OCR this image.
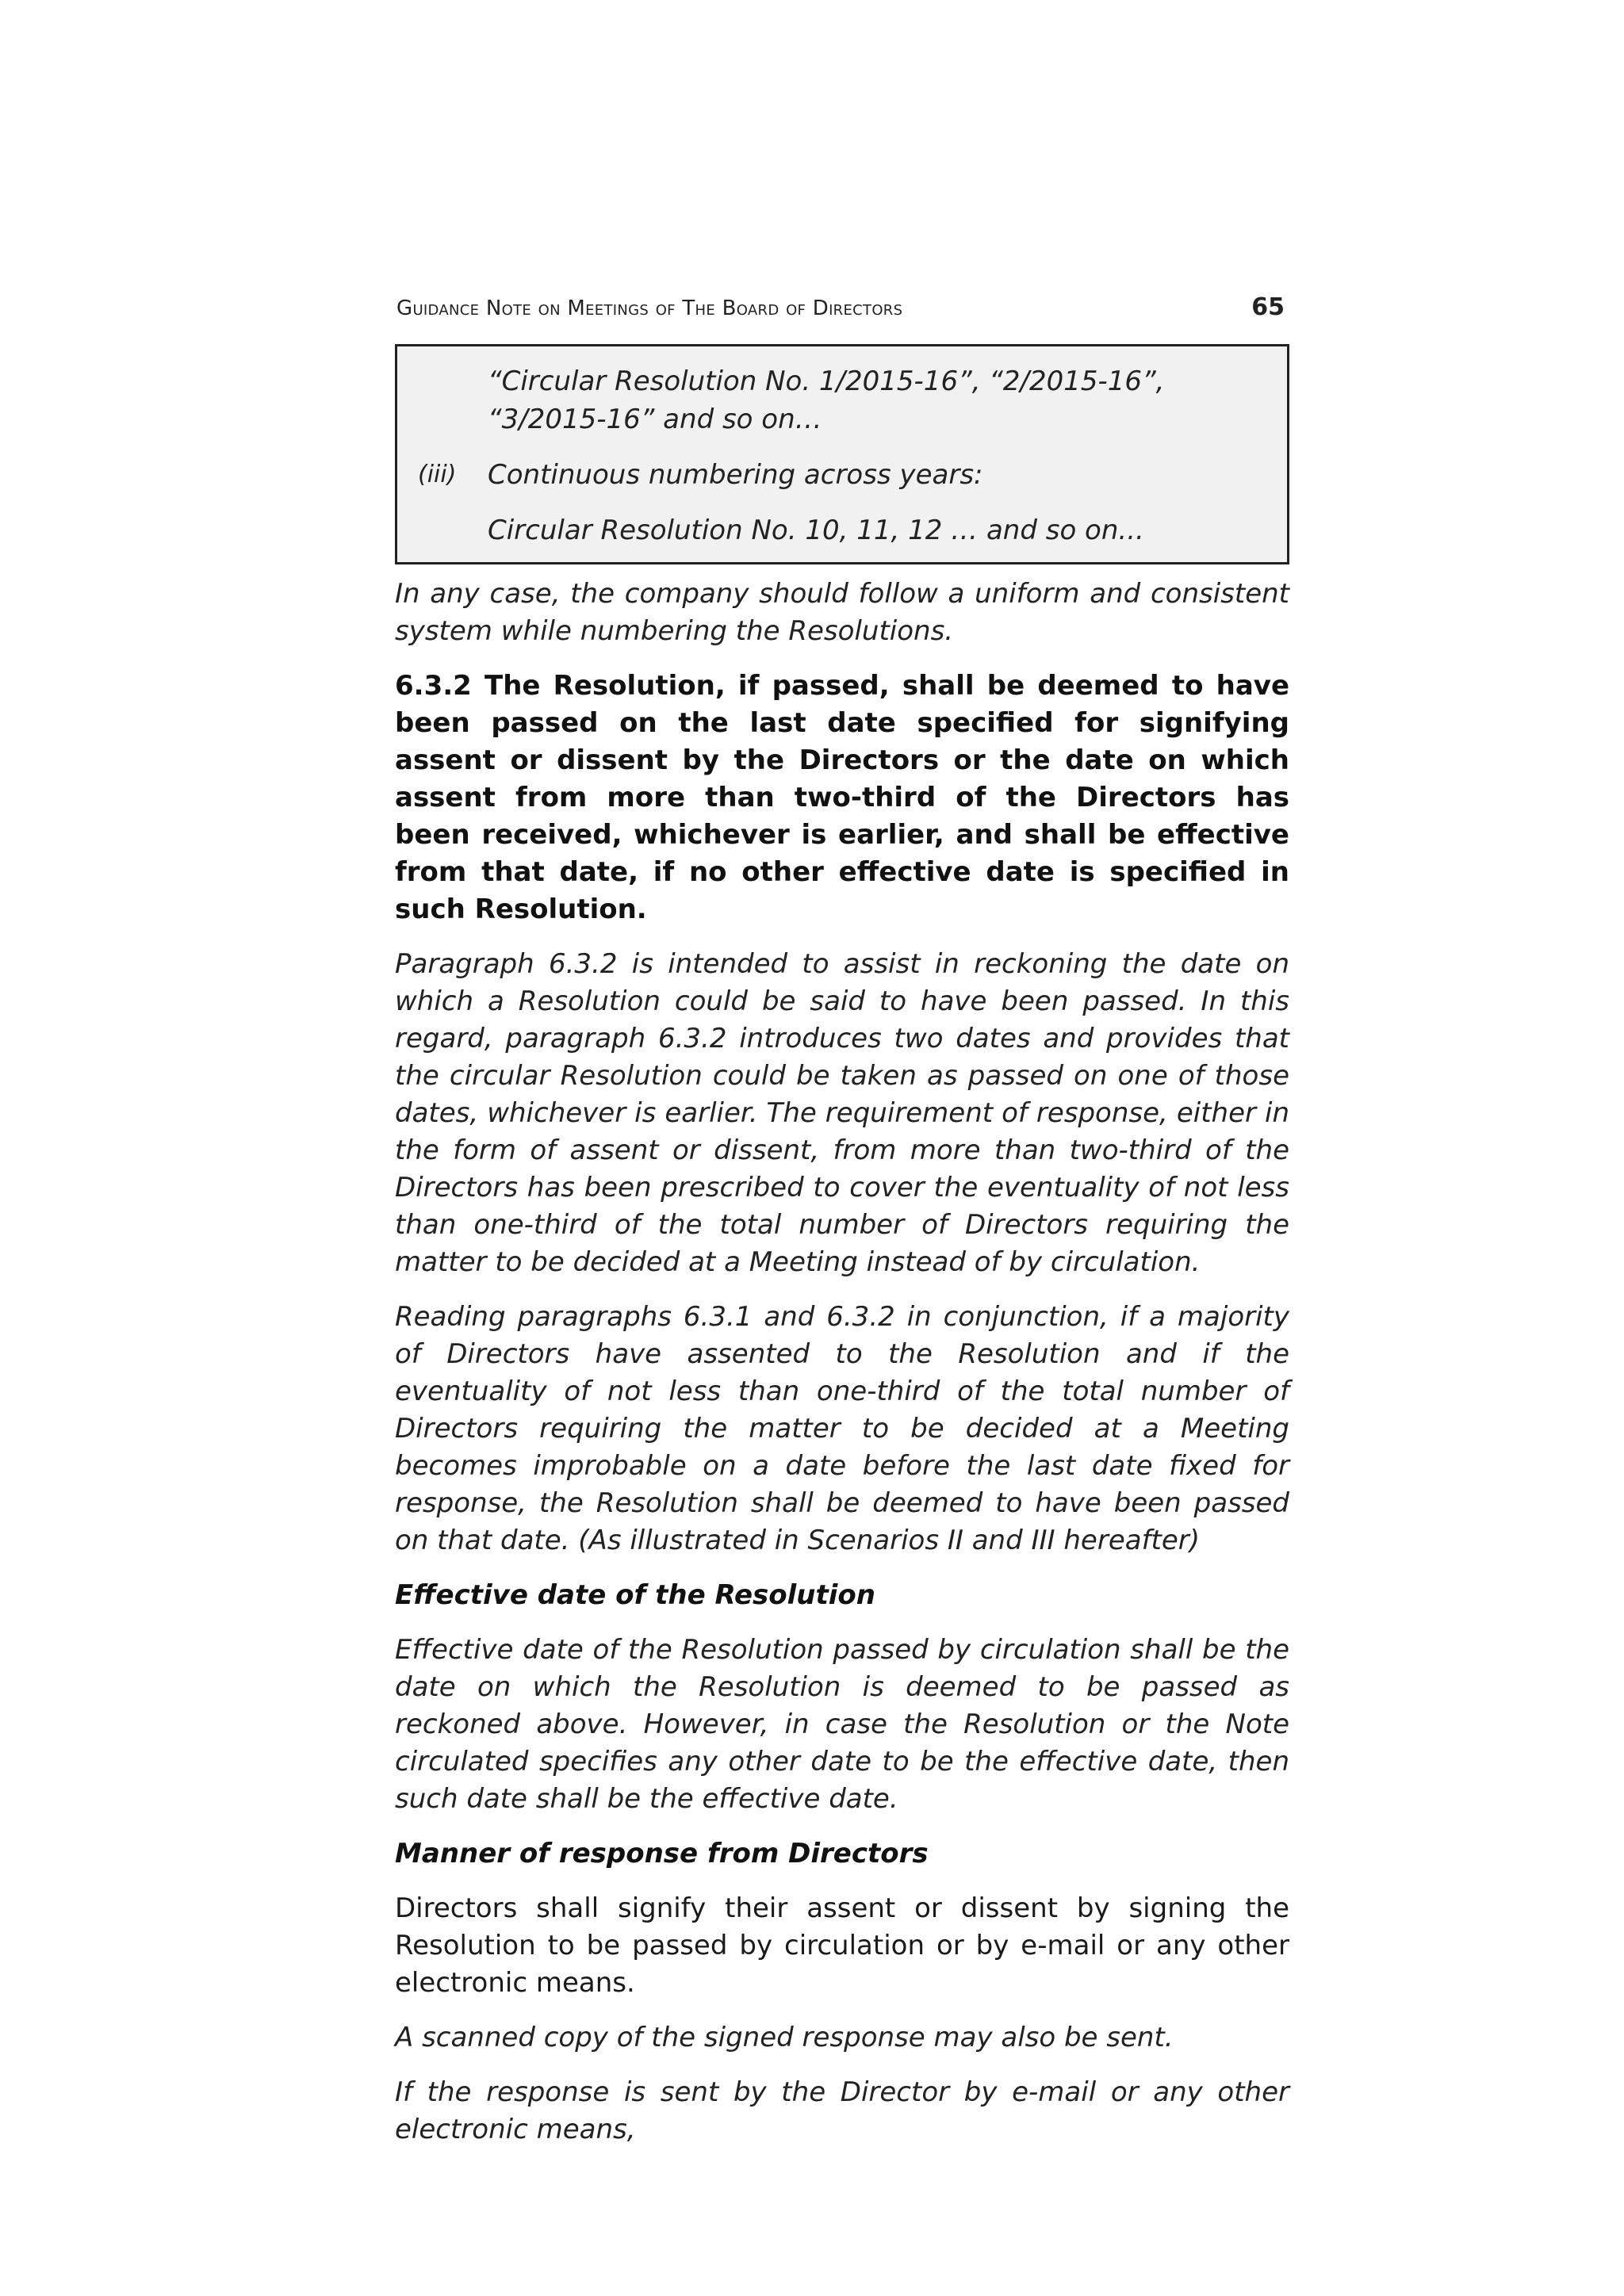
Guidance Note on Meetings of The Board of Directors	65
“Circular Resolution No. 1/2015-16”, “2/2015-16”, “3/2015-16” and so on…
(iii)	Continuous numbering across years:
Circular Resolution No. 10, 11, 12 … and so on...

In any case, the company should follow a uniform and consistent system while numbering the Resolutions.

6.3.2 The Resolution, if passed, shall be deemed to have been passed on the last date specified for signifying assent or dissent by the Directors or the date on which assent from more than two-third of the Directors has been received, whichever is earlier, and shall be effective from that date, if no other effective date is specified in such Resolution.

Paragraph 6.3.2 is intended to assist in reckoning the date on which a Resolution could be said to have been passed. In this regard, paragraph 6.3.2 introduces two dates and provides that the circular Resolution could be taken as passed on one of those dates, whichever is earlier. The requirement of response, either in the form of assent or dissent, from more than two-third of the Directors has been prescribed to cover the eventuality of not less than one-third of the total number of Directors requiring the matter to be decided at a Meeting instead of by circulation.

Reading paragraphs 6.3.1 and 6.3.2 in conjunction, if a majority of Directors have assented to the Resolution and if the eventuality of not less than one-third of the total number of Directors requiring the matter to be decided at a Meeting becomes improbable on a date before the last date fixed for response, the Resolution shall be deemed to have been passed on that date. (As illustrated in Scenarios II and III hereafter)

Effective date of the Resolution

Effective date of the Resolution passed by circulation shall be the date on which the Resolution is deemed to be passed as reckoned above. However, in case the Resolution or the Note circulated specifies any other date to be the effective date, then such date shall be the effective date.

Manner of response from Directors

Directors shall signify their assent or dissent by signing the Resolution to be passed by circulation or by e-mail or any other electronic means.

A scanned copy of the signed response may also be sent.

If the response is sent by the Director by e-mail or any other electronic means,
